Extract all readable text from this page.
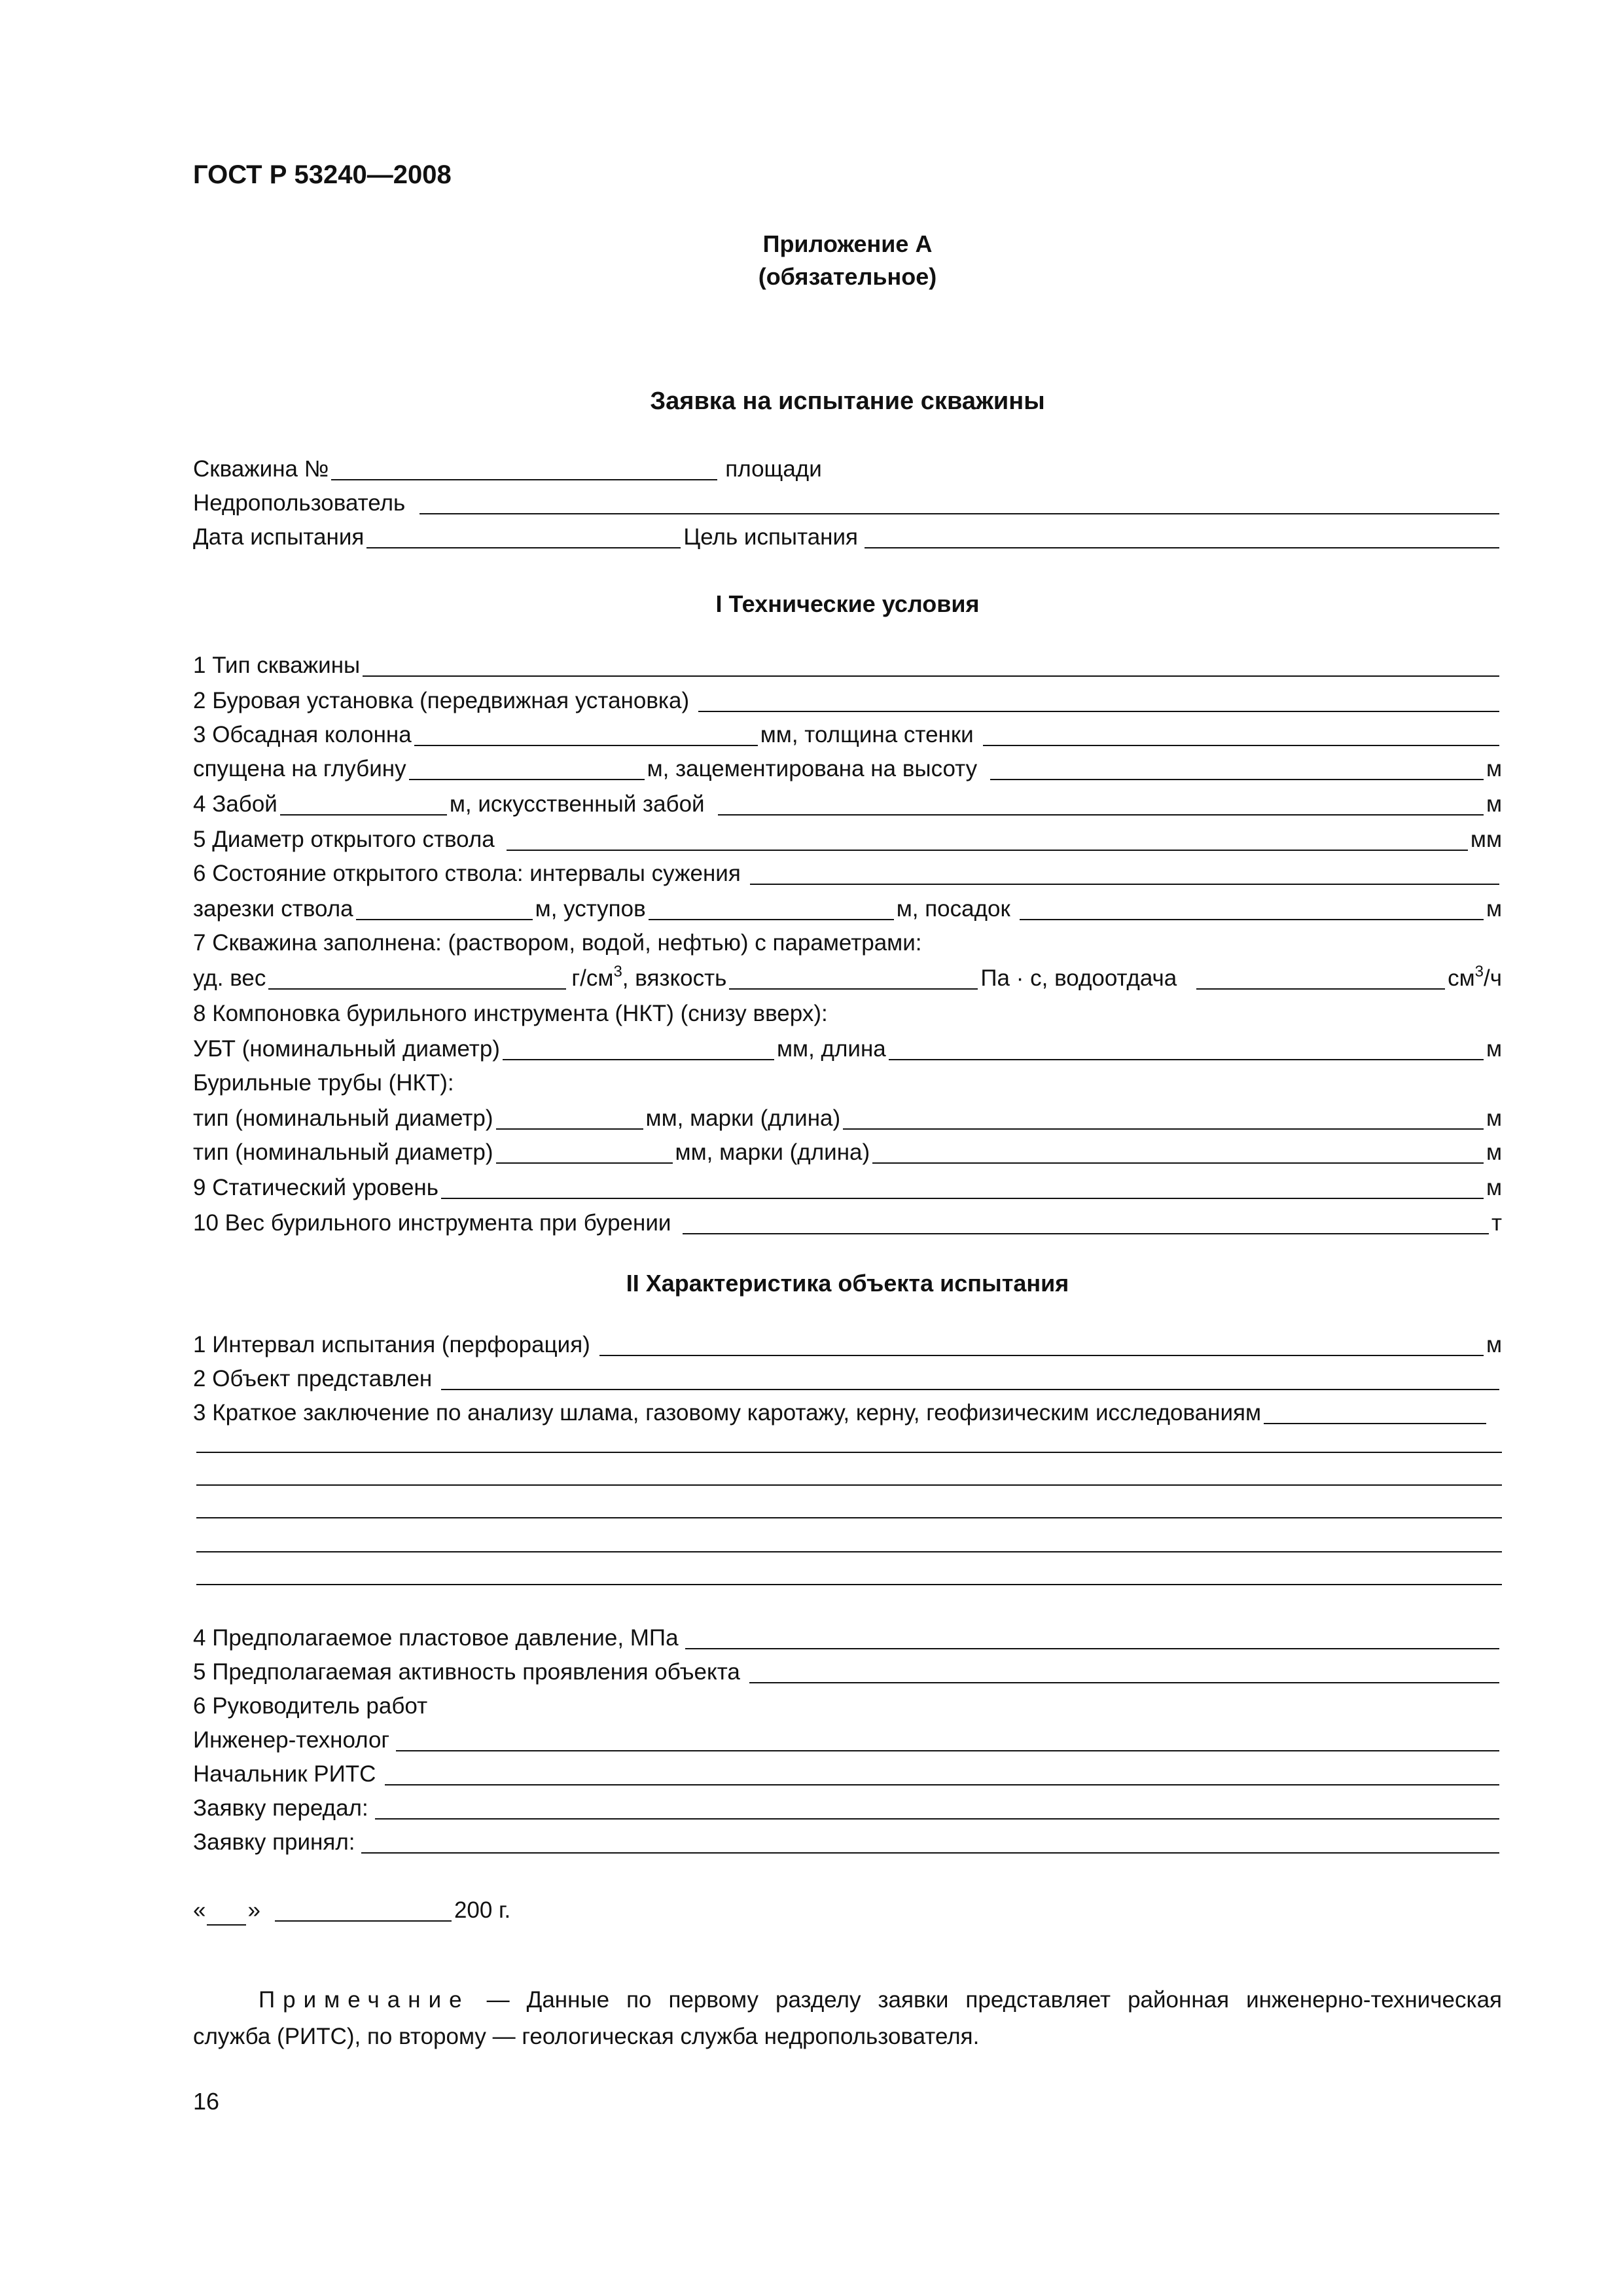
ГОСТ Р 53240—2008
Приложение А
(обязательное)
Заявка на испытание скважины
Скважина №	площади
Недропользователь
Дата испытания	Цель испытания
I Технические условия
1 Тип скважины
2 Буровая установка (передвижная установка)
3 Обсадная колонна	мм, толщина стенки
спущена на глубину	м, зацементирована на высоту	м
4 Забой	м, искусственный забой	м
5 Диаметр открытого ствола	мм
6 Состояние открытого ствола: интервалы сужения
зарезки ствола	м, уступов	м, посадок	м
7 Скважина заполнена: (раствором, водой, нефтью) с параметрами:
уд. вес	$г/см^3$ , вязкость	Па · с, водоотдача	$см^3/ч$
8 Компоновка бурильного инструмента (НКТ) (снизу вверх):
УБТ (номинальный диаметр)	мм, длина	м
Бурильные трубы (НКТ):
тип (номинальный диаметр)	мм, марки (длина)	м
тип (номинальный диаметр)	мм, марки (длина)	м
9 Статический уровень	м
10 Вес бурильного инструмента при бурении	т
II Характеристика объекта испытания
1 Интервал испытания (перфорация)	м
2 Объект представлен
3 Краткое заключение по анализу шлама, газовому каротажу, керну, геофизическим исследованиям
4 Предполагаемое пластовое давление, МПа
5 Предполагаемая активность проявления объекта
6 Руководитель работ
Инженер-технолог
Начальник РИТС
Заявку передал:
Заявку принял:
« »	200 г.
Примечание — Данные по первому разделу заявки представляет районная инженерно-техническая
служба (РИТС), по второму — геологическая служба недропользователя.
16
